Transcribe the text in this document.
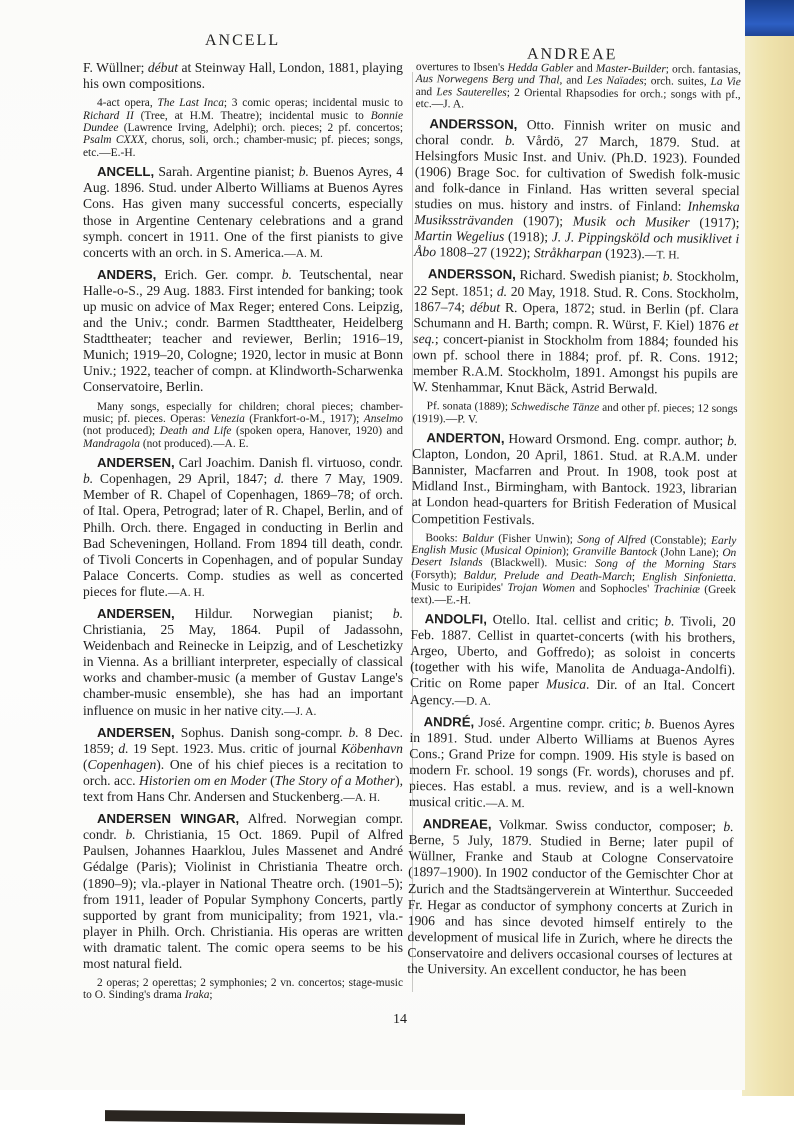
ANCELL
ANDREAE

F. Wüllner; début at Steinway Hall, London, 1881, playing his own compositions.

4-act opera, The Last Inca; 3 comic operas; incidental music to Richard II (Tree, at H.M. Theatre); incidental music to Bonnie Dundee (Lawrence Irving, Adelphi); orch. pieces; 2 pf. concertos; Psalm CXXX, chorus, soli, orch.; chamber-music; pf. pieces; songs, etc.—E.-H.

ANCELL, Sarah. Argentine pianist; b. Buenos Ayres, 4 Aug. 1896. Stud. under Alberto Williams at Buenos Ayres Cons. Has given many successful concerts, especially those in Argentine Centenary celebrations and a grand symph. concert in 1911. One of the first pianists to give concerts with an orch. in S. America.—A. M.

ANDERS, Erich. Ger. compr. b. Teutschental, near Halle-o-S., 29 Aug. 1883. First intended for banking; took up music on advice of Max Reger; entered Cons. Leipzig, and the Univ.; condr. Barmen Stadttheater, Heidelberg Stadttheater; teacher and reviewer, Berlin; 1916–19, Munich; 1919–20, Cologne; 1920, lector in music at Bonn Univ.; 1922, teacher of compn. at Klindworth-Scharwenka Conservatoire, Berlin.

Many songs, especially for children; choral pieces; chamber-music; pf. pieces. Operas: Venezia (Frankfort-o-M., 1917); Anselmo (not produced); Death and Life (spoken opera, Hanover, 1920) and Mandragola (not produced).—A. E.

ANDERSEN, Carl Joachim. Danish fl. virtuoso, condr. b. Copenhagen, 29 April, 1847; d. there 7 May, 1909. Member of R. Chapel of Copenhagen, 1869–78; of orch. of Ital. Opera, Petrograd; later of R. Chapel, Berlin, and of Philh. Orch. there. Engaged in conducting in Berlin and Bad Scheveningen, Holland. From 1894 till death, condr. of Tivoli Concerts in Copenhagen, and of popular Sunday Palace Concerts. Comp. studies as well as concerted pieces for flute.—A. H.

ANDERSEN, Hildur. Norwegian pianist; b. Christiania, 25 May, 1864. Pupil of Jadassohn, Weidenbach and Reinecke in Leipzig, and of Leschetizky in Vienna. As a brilliant interpreter, especially of classical works and chamber-music (a member of Gustav Lange's chamber-music ensemble), she has had an important influence on music in her native city.—J. A.

ANDERSEN, Sophus. Danish song-compr. b. 8 Dec. 1859; d. 19 Sept. 1923. Mus. critic of journal Köbenhavn (Copenhagen). One of his chief pieces is a recitation to orch. acc. Historien om en Moder (The Story of a Mother), text from Hans Chr. Andersen and Stuckenberg.—A. H.

ANDERSEN WINGAR, Alfred. Norwegian compr. condr. b. Christiania, 15 Oct. 1869. Pupil of Alfred Paulsen, Johannes Haarklou, Jules Massenet and André Gédalge (Paris); Violinist in Christiania Theatre orch. (1890–9); vla.-player in National Theatre orch. (1901–5); from 1911, leader of Popular Symphony Concerts, partly supported by grant from municipality; from 1921, vla.-player in Philh. Orch. Christiania. His operas are written with dramatic talent. The comic opera seems to be his most natural field.

2 operas; 2 operettas; 2 symphonies; 2 vn. concertos; stage-music to O. Sinding's drama Iraka;

overtures to Ibsen's Hedda Gabler and Master-Builder; orch. fantasias, Aus Norwegens Berg und Thal, and Les Naïades; orch. suites, La Vie and Les Sauterelles; 2 Oriental Rhapsodies for orch.; songs with pf., etc.—J. A.

ANDERSSON, Otto. Finnish writer on music and choral condr. b. Vårdö, 27 March, 1879. Stud. at Helsingfors Music Inst. and Univ. (Ph.D. 1923). Founded (1906) Brage Soc. for cultivation of Swedish folk-music and folk-dance in Finland. Has written several special studies on mus. history and instrs. of Finland: Inhemska Musikssträvanden (1907); Musik och Musiker (1917); Martin Wegelius (1918); J. J. Pippingsköld och musiklivet i Åbo 1808–27 (1922); Stråkharpan (1923).—T. H.

ANDERSSON, Richard. Swedish pianist; b. Stockholm, 22 Sept. 1851; d. 20 May, 1918. Stud. R. Cons. Stockholm, 1867–74; début R. Opera, 1872; stud. in Berlin (pf. Clara Schumann and H. Barth; compn. R. Würst, F. Kiel) 1876 et seq.; concert-pianist in Stockholm from 1884; founded his own pf. school there in 1884; prof. pf. R. Cons. 1912; member R.A.M. Stockholm, 1891. Amongst his pupils are W. Stenhammar, Knut Bäck, Astrid Berwald.

Pf. sonata (1889); Schwedische Tänze and other pf. pieces; 12 songs (1919).—P. V.

ANDERTON, Howard Orsmond. Eng. compr. author; b. Clapton, London, 20 April, 1861. Stud. at R.A.M. under Bannister, Macfarren and Prout. In 1908, took post at Midland Inst., Birmingham, with Bantock. 1923, librarian at London head-quarters for British Federation of Musical Competition Festivals.

Books: Baldur (Fisher Unwin); Song of Alfred (Constable); Early English Music (Musical Opinion); Granville Bantock (John Lane); On Desert Islands (Blackwell). Music: Song of the Morning Stars (Forsyth); Baldur, Prelude and Death-March; English Sinfonietta. Music to Euripides' Trojan Women and Sophocles' Trachiniæ (Greek text).—E.-H.

ANDOLFI, Otello. Ital. cellist and critic; b. Tivoli, 20 Feb. 1887. Cellist in quartet-concerts (with his brothers, Argeo, Uberto, and Goffredo); as soloist in concerts (together with his wife, Manolita de Anduaga-Andolfi). Critic on Rome paper Musica. Dir. of an Ital. Concert Agency.—D. A.

ANDRÉ, José. Argentine compr. critic; b. Buenos Ayres in 1891. Stud. under Alberto Williams at Buenos Ayres Cons.; Grand Prize for compn. 1909. His style is based on modern Fr. school. 19 songs (Fr. words), choruses and pf. pieces. Has establ. a mus. review, and is a well-known musical critic.—A. M.

ANDREAE, Volkmar. Swiss conductor, composer; b. Berne, 5 July, 1879. Studied in Berne; later pupil of Wüllner, Franke and Staub at Cologne Conservatoire (1897–1900). In 1902 conductor of the Gemischter Chor at Zurich and the Stadtsängerverein at Winterthur. Succeeded Fr. Hegar as conductor of symphony concerts at Zurich in 1906 and has since devoted himself entirely to the development of musical life in Zurich, where he directs the Conservatoire and delivers occasional courses of lectures at the University. An excellent conductor, he has been

14
